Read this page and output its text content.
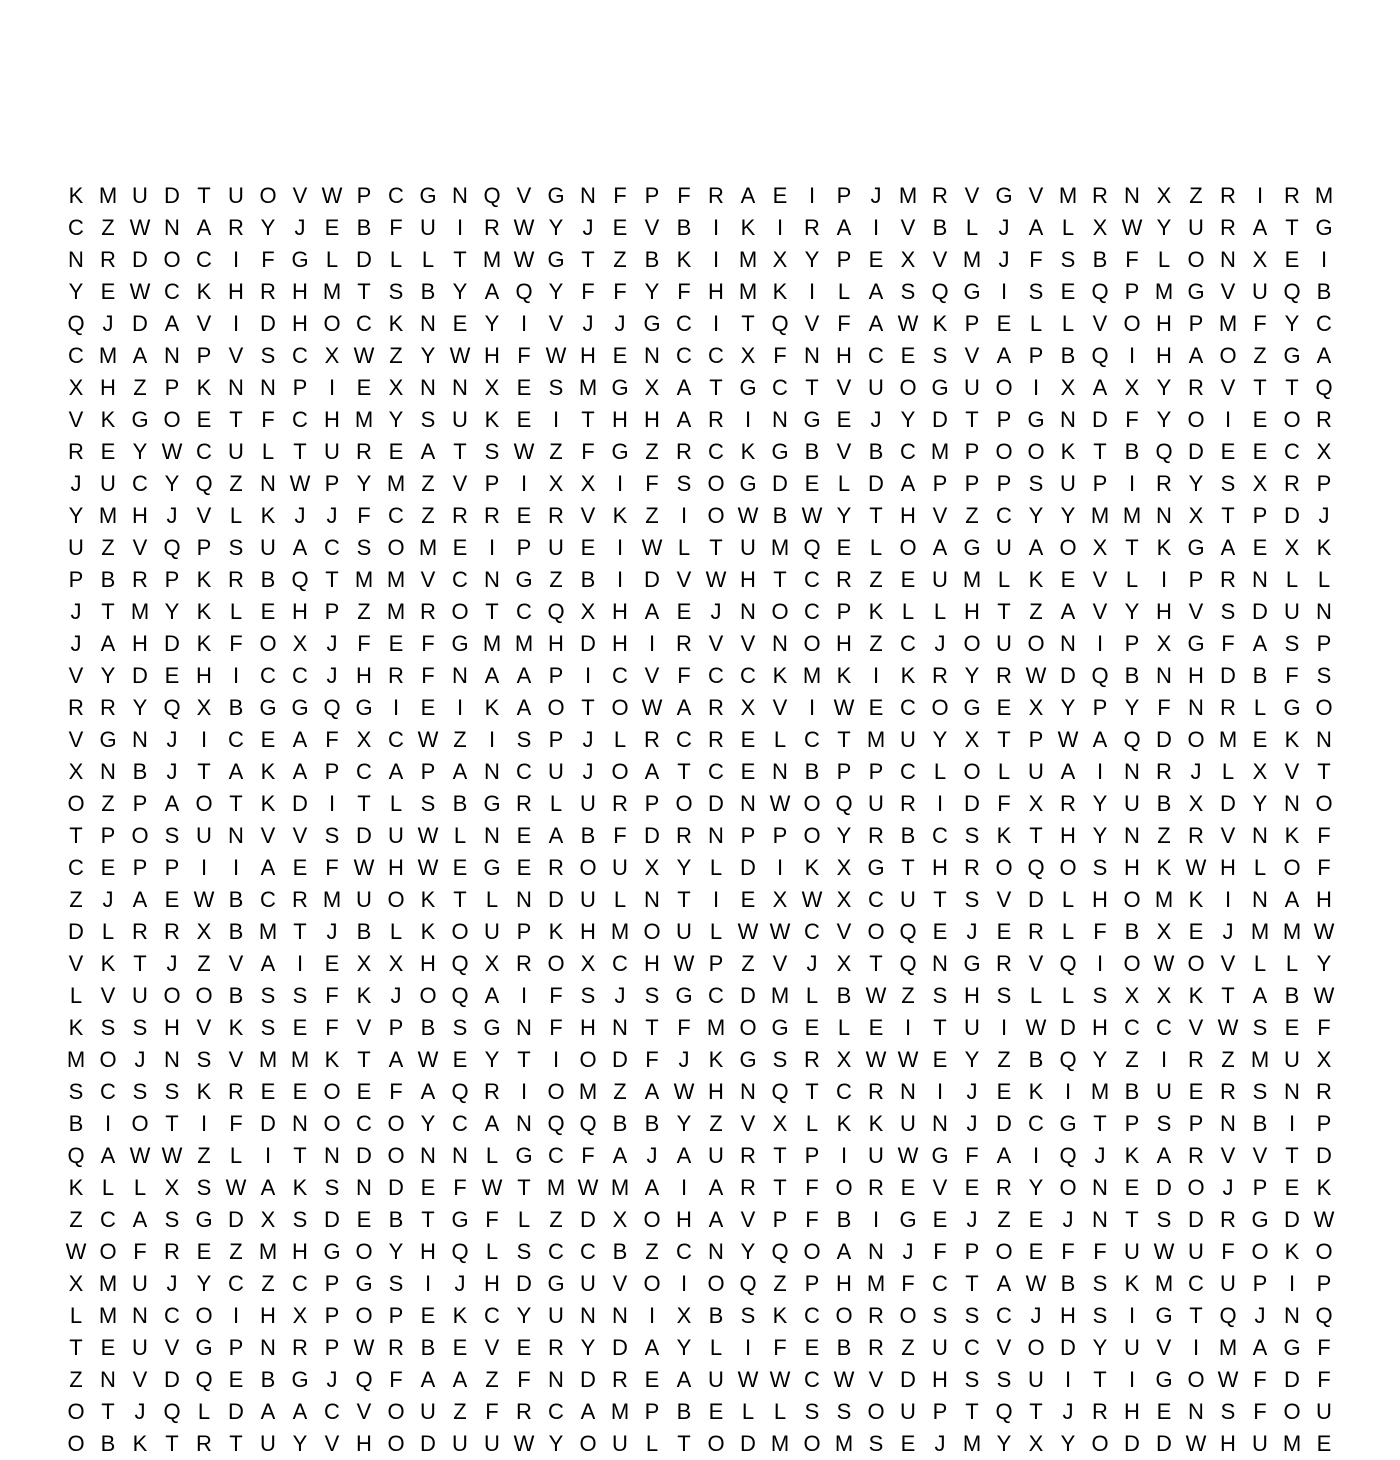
K M U D T U O V W P C G N Q V G N F P F R A E I P J M R V G V M R N X Z R I R M
C Z W N A R Y J E B F U I R W Y J E V B I K I R A I V B L J A L X W Y U R A T G
N R D O C I	F G L D L L T M W G T Z B K I M X Y P E X V M J F S B F L O N X E I
Y E W C K H R H M T S B Y A Q Y F F Y F H M K I	L A S Q G I S E Q P M G V U Q B
Q J D A V I D H O C K N E Y I V J J G C I	T Q V F A W K P E L L V O H P M F Y C
C M A N P V S C X W Z Y W H F W H E N C C X F N H C E S V A P B Q I H A O Z G A
X H Z P K N N P I E X N N X E S M G X A T G C T V U O G U O I X A X Y R V T T Q
V K G O E T F C H M Y S U K E I	T H H A R I N G E J Y D T P G N D F Y O I E O R
R E Y W C U L T U R E A T S W Z F G Z R C K G B V B C M P O O K T B Q D E E C X
J U C Y Q Z N W P Y M Z V P I X X I	F S O G D E L D A P P P S U P I R Y S X R P
Y M H J V L K J J F C Z R R E R V K Z	I O W B W Y T H V Z C Y Y M M N X T P D J
U Z V Q P S U A C S O M E I P U E I W L T U M Q E L O A G U A O X T K G A E X K
P B R P K R B Q T M M V C N G Z B I D V W H T C R Z E U M L K E V L	I P R N L L
J T M Y K L E H P Z M R O T C Q X H A E J N O C P K L L H T Z A V Y H V S D U N
J A H D K F O X J F E F G M M H D H I R V V N O H Z C J O U O N I P X G F A S P
V Y D E H I C C J H R F N A A P I C V F C C K M K I K R Y R W D Q B N H D B F S
R R Y Q X B G G Q G I E I K A O T O W A R X V I W E C O G E X Y P Y F N R L G O
V G N J	I C E A F X C W Z	I S P J L R C R E L C T M U Y X T P W A Q D O M E K N
X N B J T A K A P C A P A N C U J O A T C E N B P P C L O L U A I N R J L X V T
O Z P A O T K D I	T L S B G R L U R P O D N W O Q U R I D F X R Y U B X D Y N O
T P O S U N V V S D U W L N E A B F D R N P P O Y R B C S K T H Y N Z R V N K F
C E P P I	I A E F W H W E G E R O U X Y L D I K X G T H R O Q O S H K W H L O F
Z J A E W B C R M U O K T L N D U L N T	I E X W X C U T S V D L H O M K I N A H
D L R R X B M T J B L K O U P K H M O U L W W C V O Q E J E R L F B X E J M M W
V K T J Z V A I E X X H Q X R O X C H W P Z V J X T Q N G R V Q I O W O V L L Y
L V U O O B S S F K J O Q A I	F S J S G C D M L B W Z S H S L L S X X K T A B W
K S S H V K S E F V P B S G N F H N T F M O G E L E I	T U I W D H C C V W S E F
M O J N S V M M K T A W E Y T	I O D F J K G S R X W W E Y Z B Q Y Z	I R Z M U X
S C S S K R E E O E F A Q R I O M Z A W H N Q T C R N I	J E K I M B U E R S N R
B I O T	I	F D N O C O Y C A N Q Q B B Y Z V X L K K U N J D C G T P S P N B I P
Q A W W Z L	I	T N D O N N L G C F A J A U R T P I U W G F A I Q J K A R V V T D
K L L X S W A K S N D E F W T M W M A I A R T F O R E V E R Y O N E D O J P E K
Z C A S G D X S D E B T G F L Z D X O H A V P F B I G E J Z E J N T S D R G D W
W O F R E Z M H G O Y H Q L S C C B Z C N Y Q O A N J F P O E F F U W U F O K O
X M U J Y C Z C P G S I	J H D G U V O I O Q Z P H M F C T A W B S K M C U P I P
L M N C O I H X P O P E K C Y U N N I X B S K C O R O S S C J H S I G T Q J N Q
T E U V G P N R P W R B E V E R Y D A Y L	I	F E B R Z U C V O D Y U V I M A G F
Z N V D Q E B G J Q F A A Z F N D R E A U W W C W V D H S S U I	T	I G O W F D F
O T J Q L D A A C V O U Z F R C A M P B E L L S S O U P T Q T J R H E N S F O U
O B K T R T U Y V H O D U U W Y O U L T O D M O M S E J M Y X Y O D D W H U M E
